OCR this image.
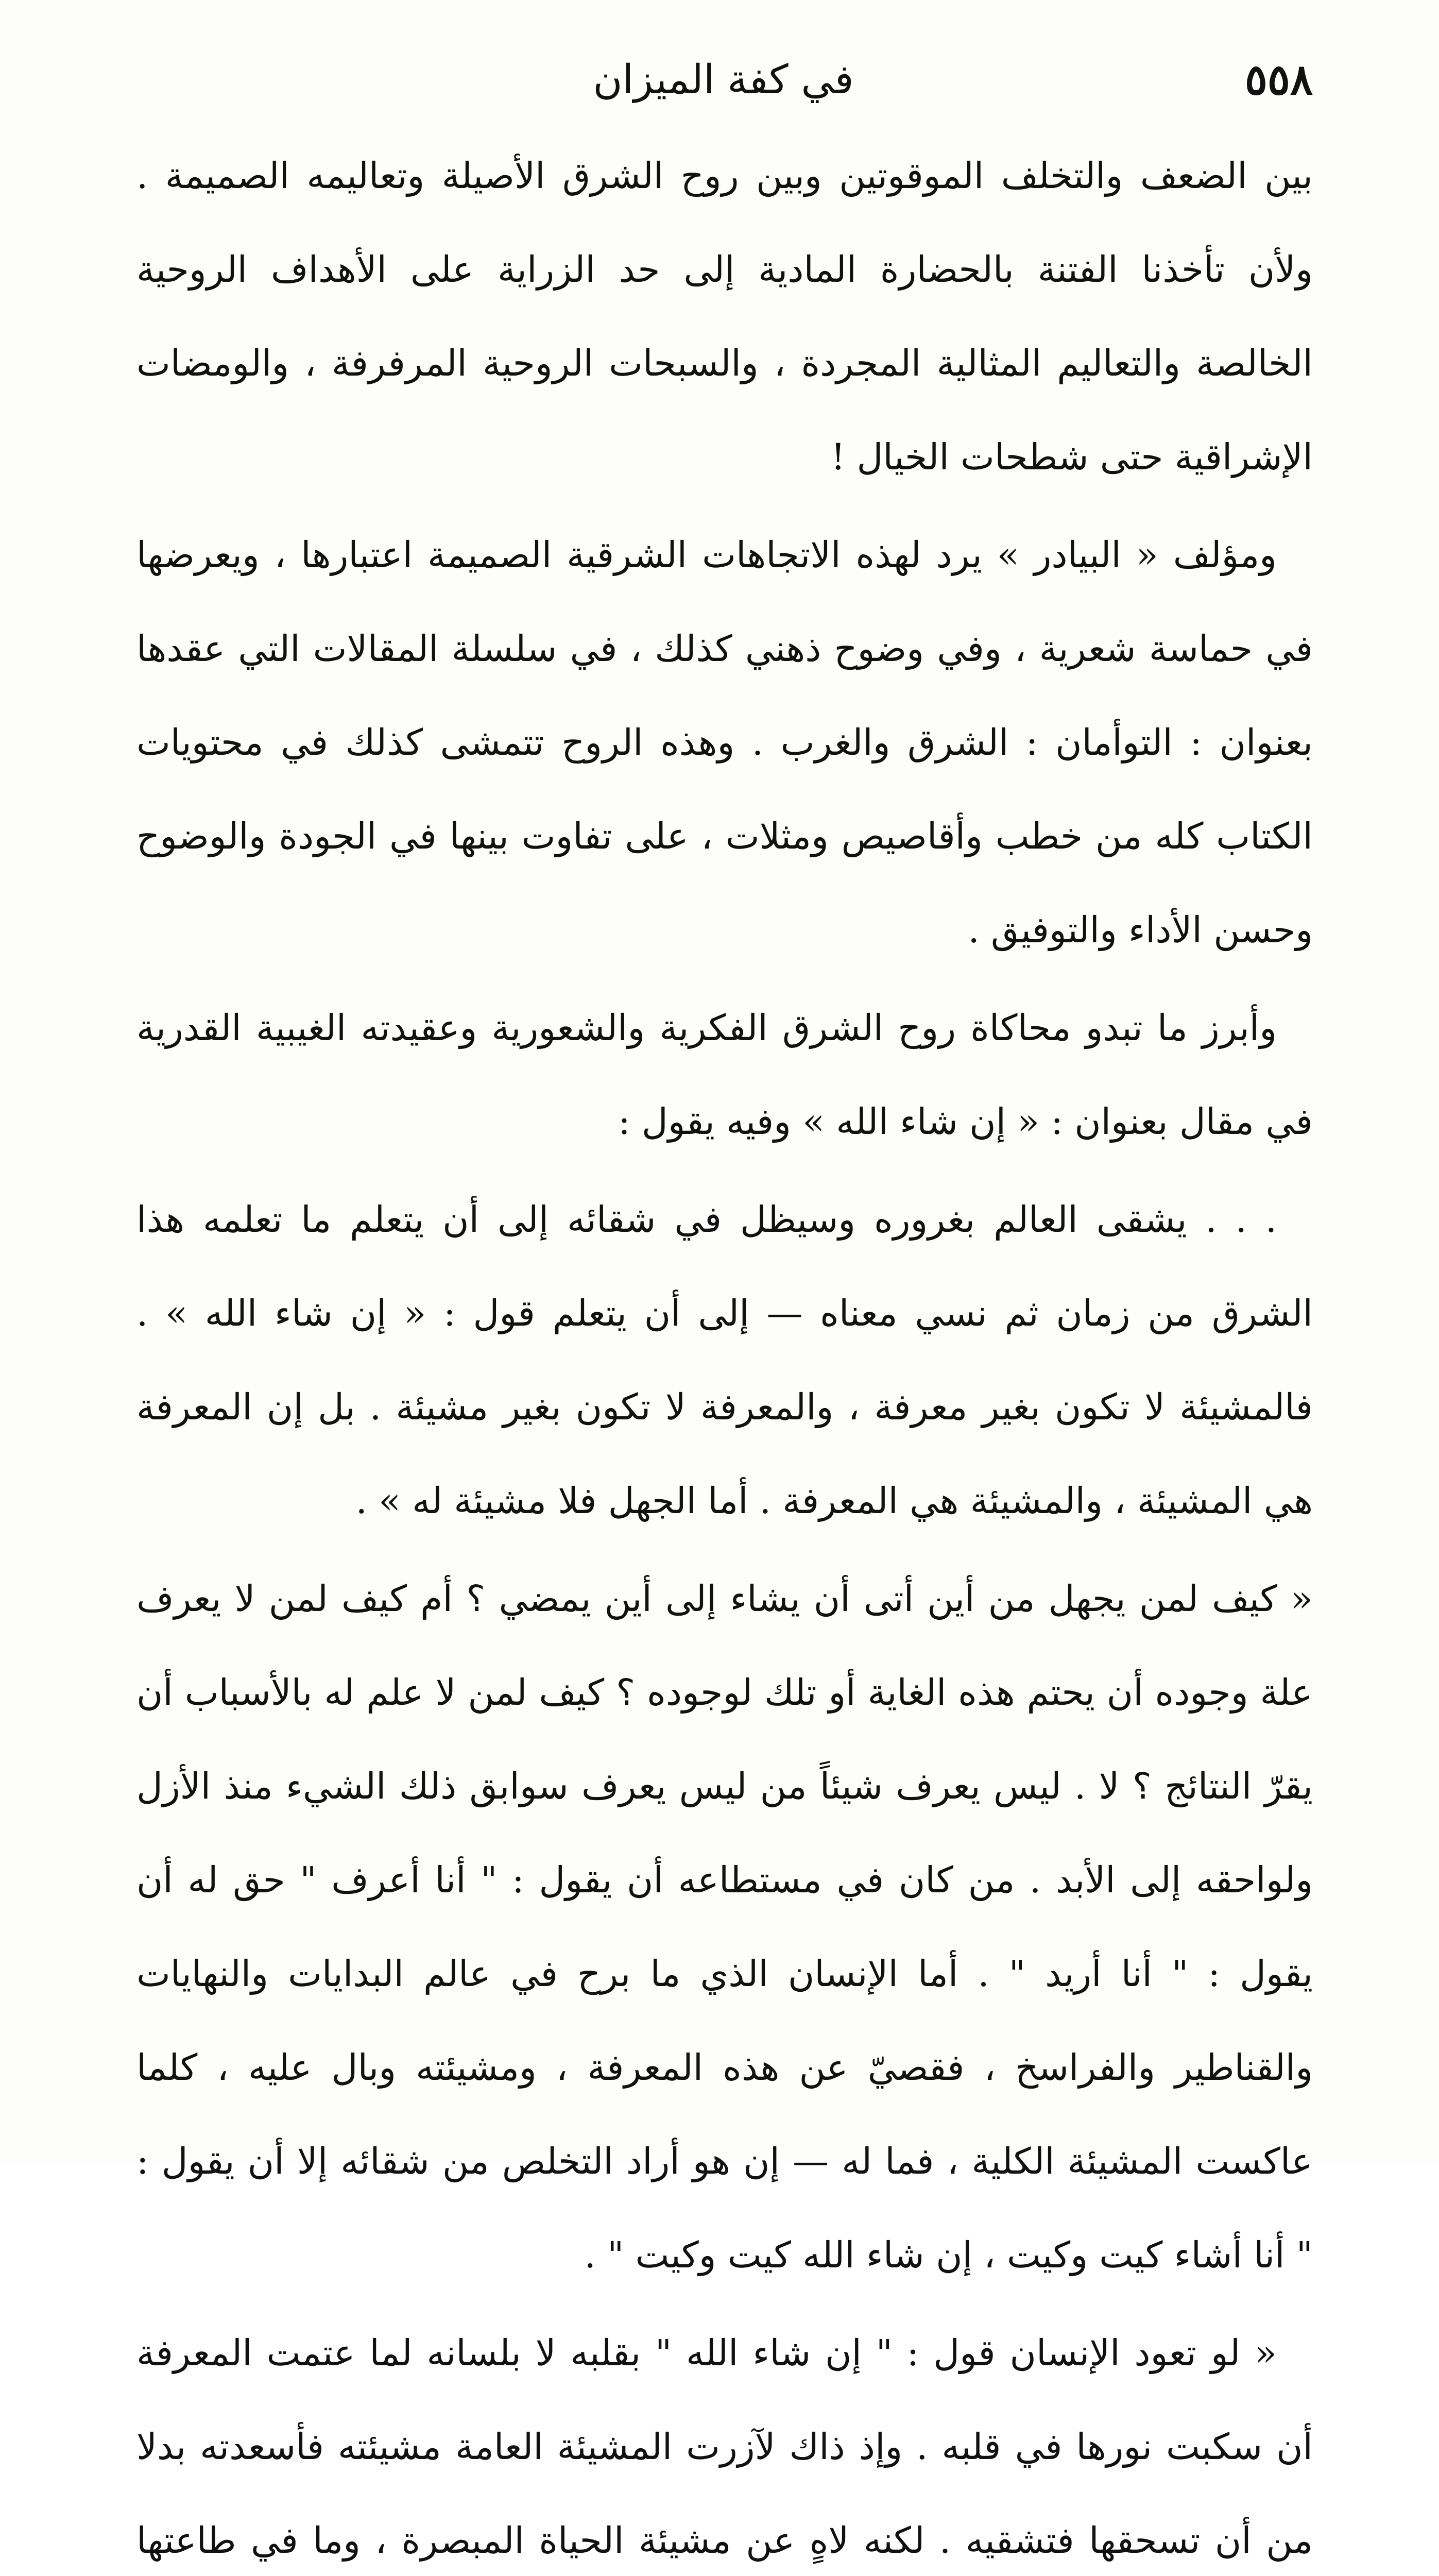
٥٥٨
في كفة الميزان

بين الضعف والتخلف الموقوتين وبين روح الشرق الأصيلة وتعاليمه الصميمة . ولأن تأخذنا الفتنة بالحضارة المادية إلى حد الزراية على الأهداف الروحية الخالصة والتعاليم المثالية المجردة ، والسبحات الروحية المرفرفة ، والومضات الإشراقية حتى شطحات الخيال !

ومؤلف « البيادر » يرد لهذه الاتجاهات الشرقية الصميمة اعتبارها ، ويعرضها في حماسة شعرية ، وفي وضوح ذهني كذلك ، في سلسلة المقالات التي عقدها بعنوان : التوأمان : الشرق والغرب . وهذه الروح تتمشى كذلك في محتويات الكتاب كله من خطب وأقاصيص ومثلات ، على تفاوت بينها في الجودة والوضوح وحسن الأداء والتوفيق .

وأبرز ما تبدو محاكاة روح الشرق الفكرية والشعورية وعقيدته الغيبية القدرية في مقال بعنوان : « إن شاء الله » وفيه يقول :

. . . يشقى العالم بغروره وسيظل في شقائه إلى أن يتعلم ما تعلمه هذا الشرق من زمان ثم نسي معناه — إلى أن يتعلم قول : « إن شاء الله » . فالمشيئة لا تكون بغير معرفة ، والمعرفة لا تكون بغير مشيئة . بل إن المعرفة هي المشيئة ، والمشيئة هي المعرفة . أما الجهل فلا مشيئة له » .

« كيف لمن يجهل من أين أتى أن يشاء إلى أين يمضي ؟ أم كيف لمن لا يعرف علة وجوده أن يحتم هذه الغاية أو تلك لوجوده ؟ كيف لمن لا علم له بالأسباب أن يقرّ النتائج ؟ لا . ليس يعرف شيئاً من ليس يعرف سوابق ذلك الشيء منذ الأزل ولواحقه إلى الأبد . من كان في مستطاعه أن يقول : " أنا أعرف " حق له أن يقول : " أنا أريد " . أما الإنسان الذي ما برح في عالم البدايات والنهايات والقناطير والفراسخ ، فقصيّ عن هذه المعرفة ، ومشيئته وبال عليه ، كلما عاكست المشيئة الكلية ، فما له — إن هو أراد التخلص من شقائه إلا أن يقول : " أنا أشاء كيت وكيت ، إن شاء الله كيت وكيت " .

« لو تعود الإنسان قول : " إن شاء الله " بقلبه لا بلسانه لما عتمت المعرفة أن سكبت نورها في قلبه . وإذ ذاك لآزرت المشيئة العامة مشيئته فأسعدته بدلا من أن تسحقها فتشقيه . لكنه لاهٍ عن مشيئة الحياة المبصرة ، وما في طاعتها
